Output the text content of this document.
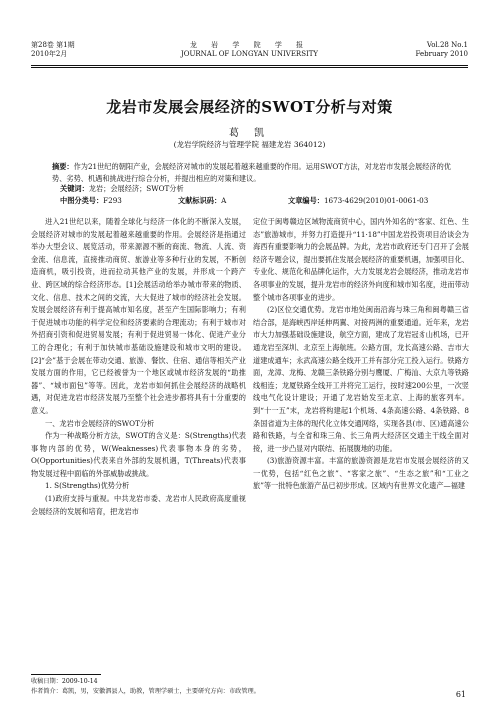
第28卷 第1期
2010年2月
龙 岩 学 院 学 报
JOURNAL OF LONGYAN UNIVERSITY
Vol.28 No.1
February 2010
龙岩市发展会展经济的SWOT分析与对策
葛 凯
(龙岩学院经济与管理学院 福建龙岩 364012)
摘要：作为21世纪的朝阳产业，会展经济对城市的发展起着越来越重要的作用。运用SWOT方法，对龙岩市发展会展经济的优势、劣势、机遇和挑战进行综合分析，并提出相应的对策和建议。
关键词：龙岩；会展经济；SWOT分析
中图分类号：F293	文献标识码：A	文章编号：1673-4629(2010)01-0061-03

进入21世纪以来，随着全球化与经济一体化的不断深入发展，会展经济对城市的发展起着越来越重要的作用。会展经济是指通过举办大型会议、展览活动，带来源源不断的商流、物流、人流、资金流、信息流，直接推动商贸、旅游业等多种行业的发展，不断创造商机，吸引投资，进而拉动其他产业的发展，并形成一个跨产业、跨区域的综合经济形态。[1]会展活动给举办城市带来的物质、文化、信息、技术之间的交流，大大促进了城市的经济社会发展。发展会展经济有利于提高城市知名度，甚至产生国际影响力；有利于促进城市功能的科学定位和经济要素的合理流动；有利于城市对外招商引资和促进贸易发展；有利于促进贸易一体化、促进产业分工的合理化；有利于加快城市基础设施建设和城市文明的建设。[2]“会”基于会展在带动交通、旅游、餐饮、住宿、通信等相关产业发展方面的作用，它已经被誉为一个地区或城市经济发展的“助推器”、“城市面包”等等。因此，龙岩市如何抓住会展经济的战略机遇，对促进龙岩市经济发展乃至整个社会进步都将具有十分重要的意义。

一、龙岩市会展经济的SWOT分析

作为一种战略分析方法，SWOT的含义是：S(Strengths)代表事物内部的优势，W(Weaknesses)代表事物本身的劣势，O(Opportunities)代表来自外部的发展机遇，T(Threats)代表事物发展过程中面临的外部威胁或挑战。

1. S(Strengths)优势分析

(1)政府支持与重视。中共龙岩市委、龙岩市人民政府高度重视会展经济的发展和培育，把龙岩市

定位于闽粤赣边区域物流商贸中心，国内外知名的“客家、红色、生态”旅游城市，并努力打造提升“11·18”中国龙岩投资项目洽谈会为海西有重要影响力的会展品牌。为此，龙岩市政府还专门召开了会展经济专题会议，提出要抓住发展会展经济的重要机遇，加强项目化、专业化、规范化和品牌化运作，大力发展龙岩会展经济，推动龙岩市各项事业的发展，提升龙岩市的经济外向度和城市知名度，进而带动整个城市各项事业的进步。

(2)区位交通优势。龙岩市地处闽南沿海与珠三角和闽粤赣三省结合部，是海峡西岸延伸两翼、对接两洲的重要通道。近年来，龙岩市大力加强基础设施建设，航空方面，建成了龙岩冠豸山机场，已开通龙岩至深圳、北京至上海航班。公路方面，龙长高速公路、吉市大道建成通车；永武高速公路全线开工并有部分完工投入运行。铁路方面，龙漳、龙梅、龙赣三条铁路分别与鹰厦、广梅汕、大京九等铁路线相连；龙厦铁路全线开工并将完工运行，按时速200公里，一次竖线电气化设计建设；开通了龙岩始发至北京、上海的旅客列车。到“十一五”末，龙岩将构建起1个机场、4条高速公路、4条铁路、8条国省道为主体的现代化立体交通网络，实现各县(市、区)通高速公路和铁路，与全省和珠三角、长三角两大经济区交通主干线全面对接，进一步凸显对内联结、拓展腹地的功能。

(3)旅游资源丰富。丰富的旅游资源是龙岩市发展会展经济的又一优势，包括“红色之旅”、“客家之旅”、“生态之旅”和“工业之旅”等一批特色旅游产品已初步形成。区域内有世界文化遗产—福建

收稿日期：2009-10-14
作者简介：葛凯，男，安徽泗县人，助教，管理学硕士，主要研究方向：市政管理。	61
